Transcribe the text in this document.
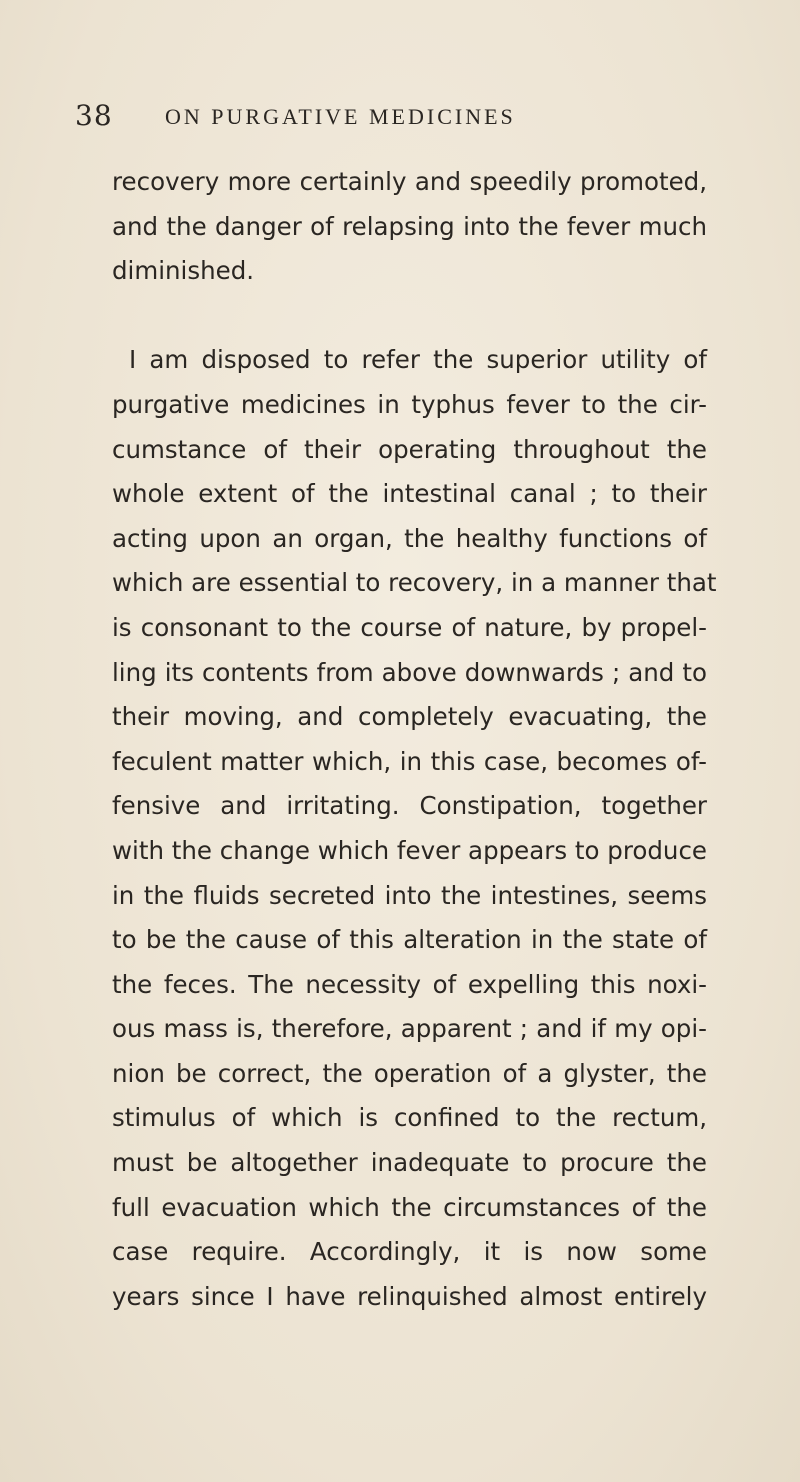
38 ON PURGATIVE MEDICINES
recovery more certainly and speedily promoted,
and the danger of relapsing into the fever much
diminished.
I am disposed to refer the superior utility of
purgative medicines in typhus fever to the cir-
cumstance of their operating throughout the
whole extent of the intestinal canal ; to their
acting upon an organ, the healthy functions of
which are essential to recovery, in a manner that
is consonant to the course of nature, by propel-
ling its contents from above downwards ; and to
their moving, and completely evacuating, the
feculent matter which, in this case, becomes of-
fensive and irritating. Constipation, together
with the change which fever appears to produce
in the fluids secreted into the intestines, seems
to be the cause of this alteration in the state of
the feces. The necessity of expelling this noxi-
ous mass is, therefore, apparent ; and if my opi-
nion be correct, the operation of a glyster, the
stimulus of which is confined to the rectum,
must be altogether inadequate to procure the
full evacuation which the circumstances of the
case require. Accordingly, it is now some
years since I have relinquished almost entirely
